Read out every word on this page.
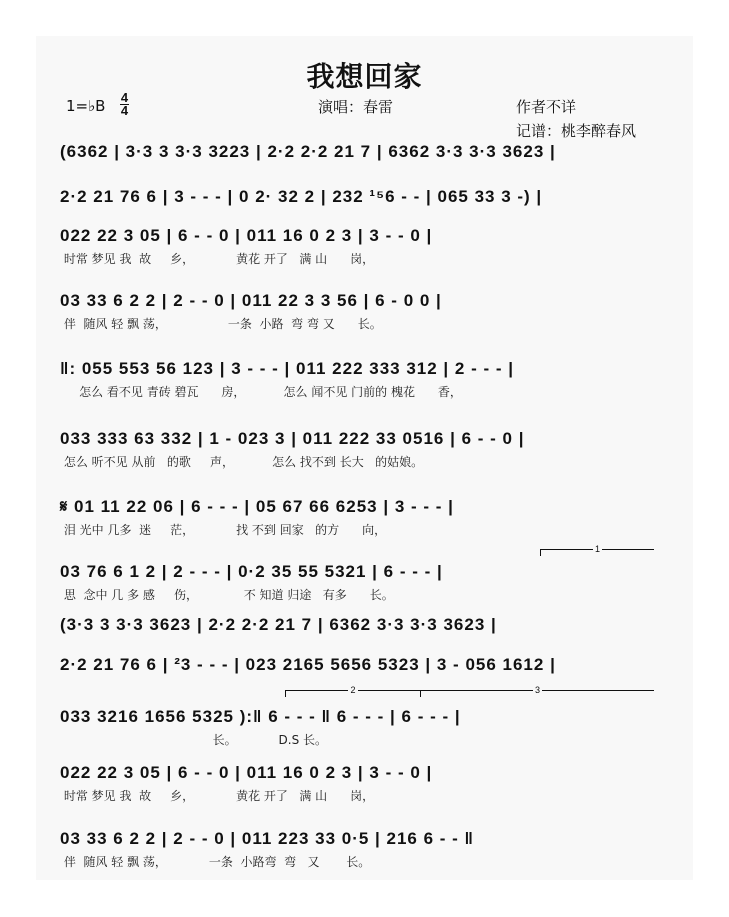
我想回家
1=♭B 4
4	演唱：春雷	作者不详
记谱：桃李醉春风
(6362 | 3·3 3 3·3 3223 | 2·2 2·2 21 7 | 6362 3·3 3·3 3623 |
2·2 21 76 6 | 3 - - - | 0 2· 32 2 | 232 ¹⁵6 - - | 065 33 3 -) |
022 22 3 05 | 6 - - 0 | 011 16 0 2 3 | 3 - - 0 |
时常 梦见 我  故     乡，           黄花 开了   满 山      岗，
03 33 6 2 2 | 2 - - 0 | 011 22 3 3 56 | 6 - 0 0 |
伴  随风 轻 飘 荡，                一条  小路  弯 弯 又      长。
‖: 055 553 56 123 | 3 - - - | 011 222 333 312 | 2 - - - |
怎么 看不见 青砖 碧瓦      房，          怎么 闻不见 门前的 槐花      香，
033 333 63 332 | 1 - 023 3 | 011 222 33 0516 | 6 - - 0 |
怎么 听不见 从前   的歌     声，          怎么 找不到 长大   的姑娘。
𝄋 01 11 22 06 | 6 - - - | 05 67 66 6253 | 3 - - - |
泪 光中 几多  迷     茫，           找 不到 回家   的方      向，
03 76 6 1 2 | 2 - - - | 0·2 35 55 5321 | 6 - - - |
思  念中 几 多 感     伤，            不 知道 归途   有多      长。
1
(3·3 3 3·3 3623 | 2·2 2·2 21 7 | 6362 3·3 3·3 3623 |
2·2 21 76 6 | ²3 - - - | 023 2165 5656 5323 | 3 - 056 1612 |
2	3
033 3216 1656 5325 ):‖ 6 - - - ‖ 6 - - - | 6 - - - |
长。           D.S 长。
022 22 3 05 | 6 - - 0 | 011 16 0 2 3 | 3 - - 0 |
时常 梦见 我  故     乡，           黄花 开了   满 山      岗，
03 33 6 2 2 | 2 - - 0 | 011 223 33 0·5 | 216 6 - - ‖
伴  随风 轻 飘 荡，           一条  小路弯  弯   又       长。
